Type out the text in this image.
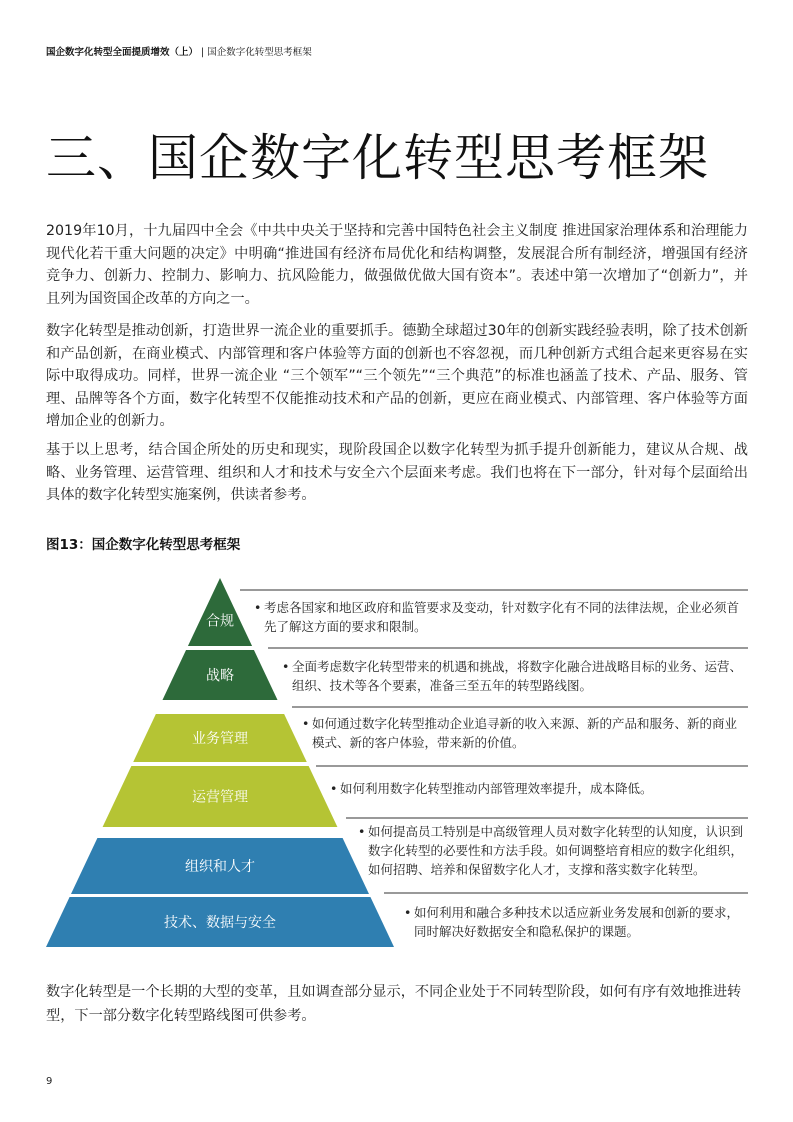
国企数字化转型全面提质增效（上） | 国企数字化转型思考框架
三、国企数字化转型思考框架
2019年10月，十九届四中全会《中共中央关于坚持和完善中国特色社会主义制度 推进国家治理体系和治理能力现代化若干重大问题的决定》中明确“推进国有经济布局优化和结构调整，发展混合所有制经济，增强国有经济竞争力、创新力、控制力、影响力、抗风险能力，做强做优做大国有资本”。表述中第一次增加了“创新力”，并且列为国资国企改革的方向之一。
数字化转型是推动创新，打造世界一流企业的重要抓手。德勤全球超过30年的创新实践经验表明，除了技术创新和产品创新，在商业模式、内部管理和客户体验等方面的创新也不容忽视，而几种创新方式组合起来更容易在实际中取得成功。同样，世界一流企业 “三个领军”“三个领先”“三个典范”的标准也涵盖了技术、产品、服务、管理、品牌等各个方面，数字化转型不仅能推动技术和产品的创新，更应在商业模式、内部管理、客户体验等方面增加企业的创新力。
基于以上思考，结合国企所处的历史和现实，现阶段国企以数字化转型为抓手提升创新能力，建议从合规、战略、业务管理、运营管理、组织和人才和技术与安全六个层面来考虑。我们也将在下一部分，针对每个层面给出具体的数字化转型实施案例，供读者参考。
图13：国企数字化转型思考框架
合规
战略
业务管理
运营管理
组织和人才
技术、数据与安全
• 考虑各国家和地区政府和监管要求及变动，针对数字化有不同的法律法规，企业必须首先了解这方面的要求和限制。
• 全面考虑数字化转型带来的机遇和挑战，将数字化融合进战略目标的业务、运营、组织、技术等各个要素，准备三至五年的转型路线图。
• 如何通过数字化转型推动企业追寻新的收入来源、新的产品和服务、新的商业模式、新的客户体验，带来新的价值。
• 如何利用数字化转型推动内部管理效率提升，成本降低。
• 如何提高员工特别是中高级管理人员对数字化转型的认知度，认识到数字化转型的必要性和方法手段。如何调整培育相应的数字化组织，如何招聘、培养和保留数字化人才，支撑和落实数字化转型。
• 如何利用和融合多种技术以适应新业务发展和创新的要求，同时解决好数据安全和隐私保护的课题。
数字化转型是一个长期的大型的变革，且如调查部分显示，不同企业处于不同转型阶段，如何有序有效地推进转型，下一部分数字化转型路线图可供参考。
9
